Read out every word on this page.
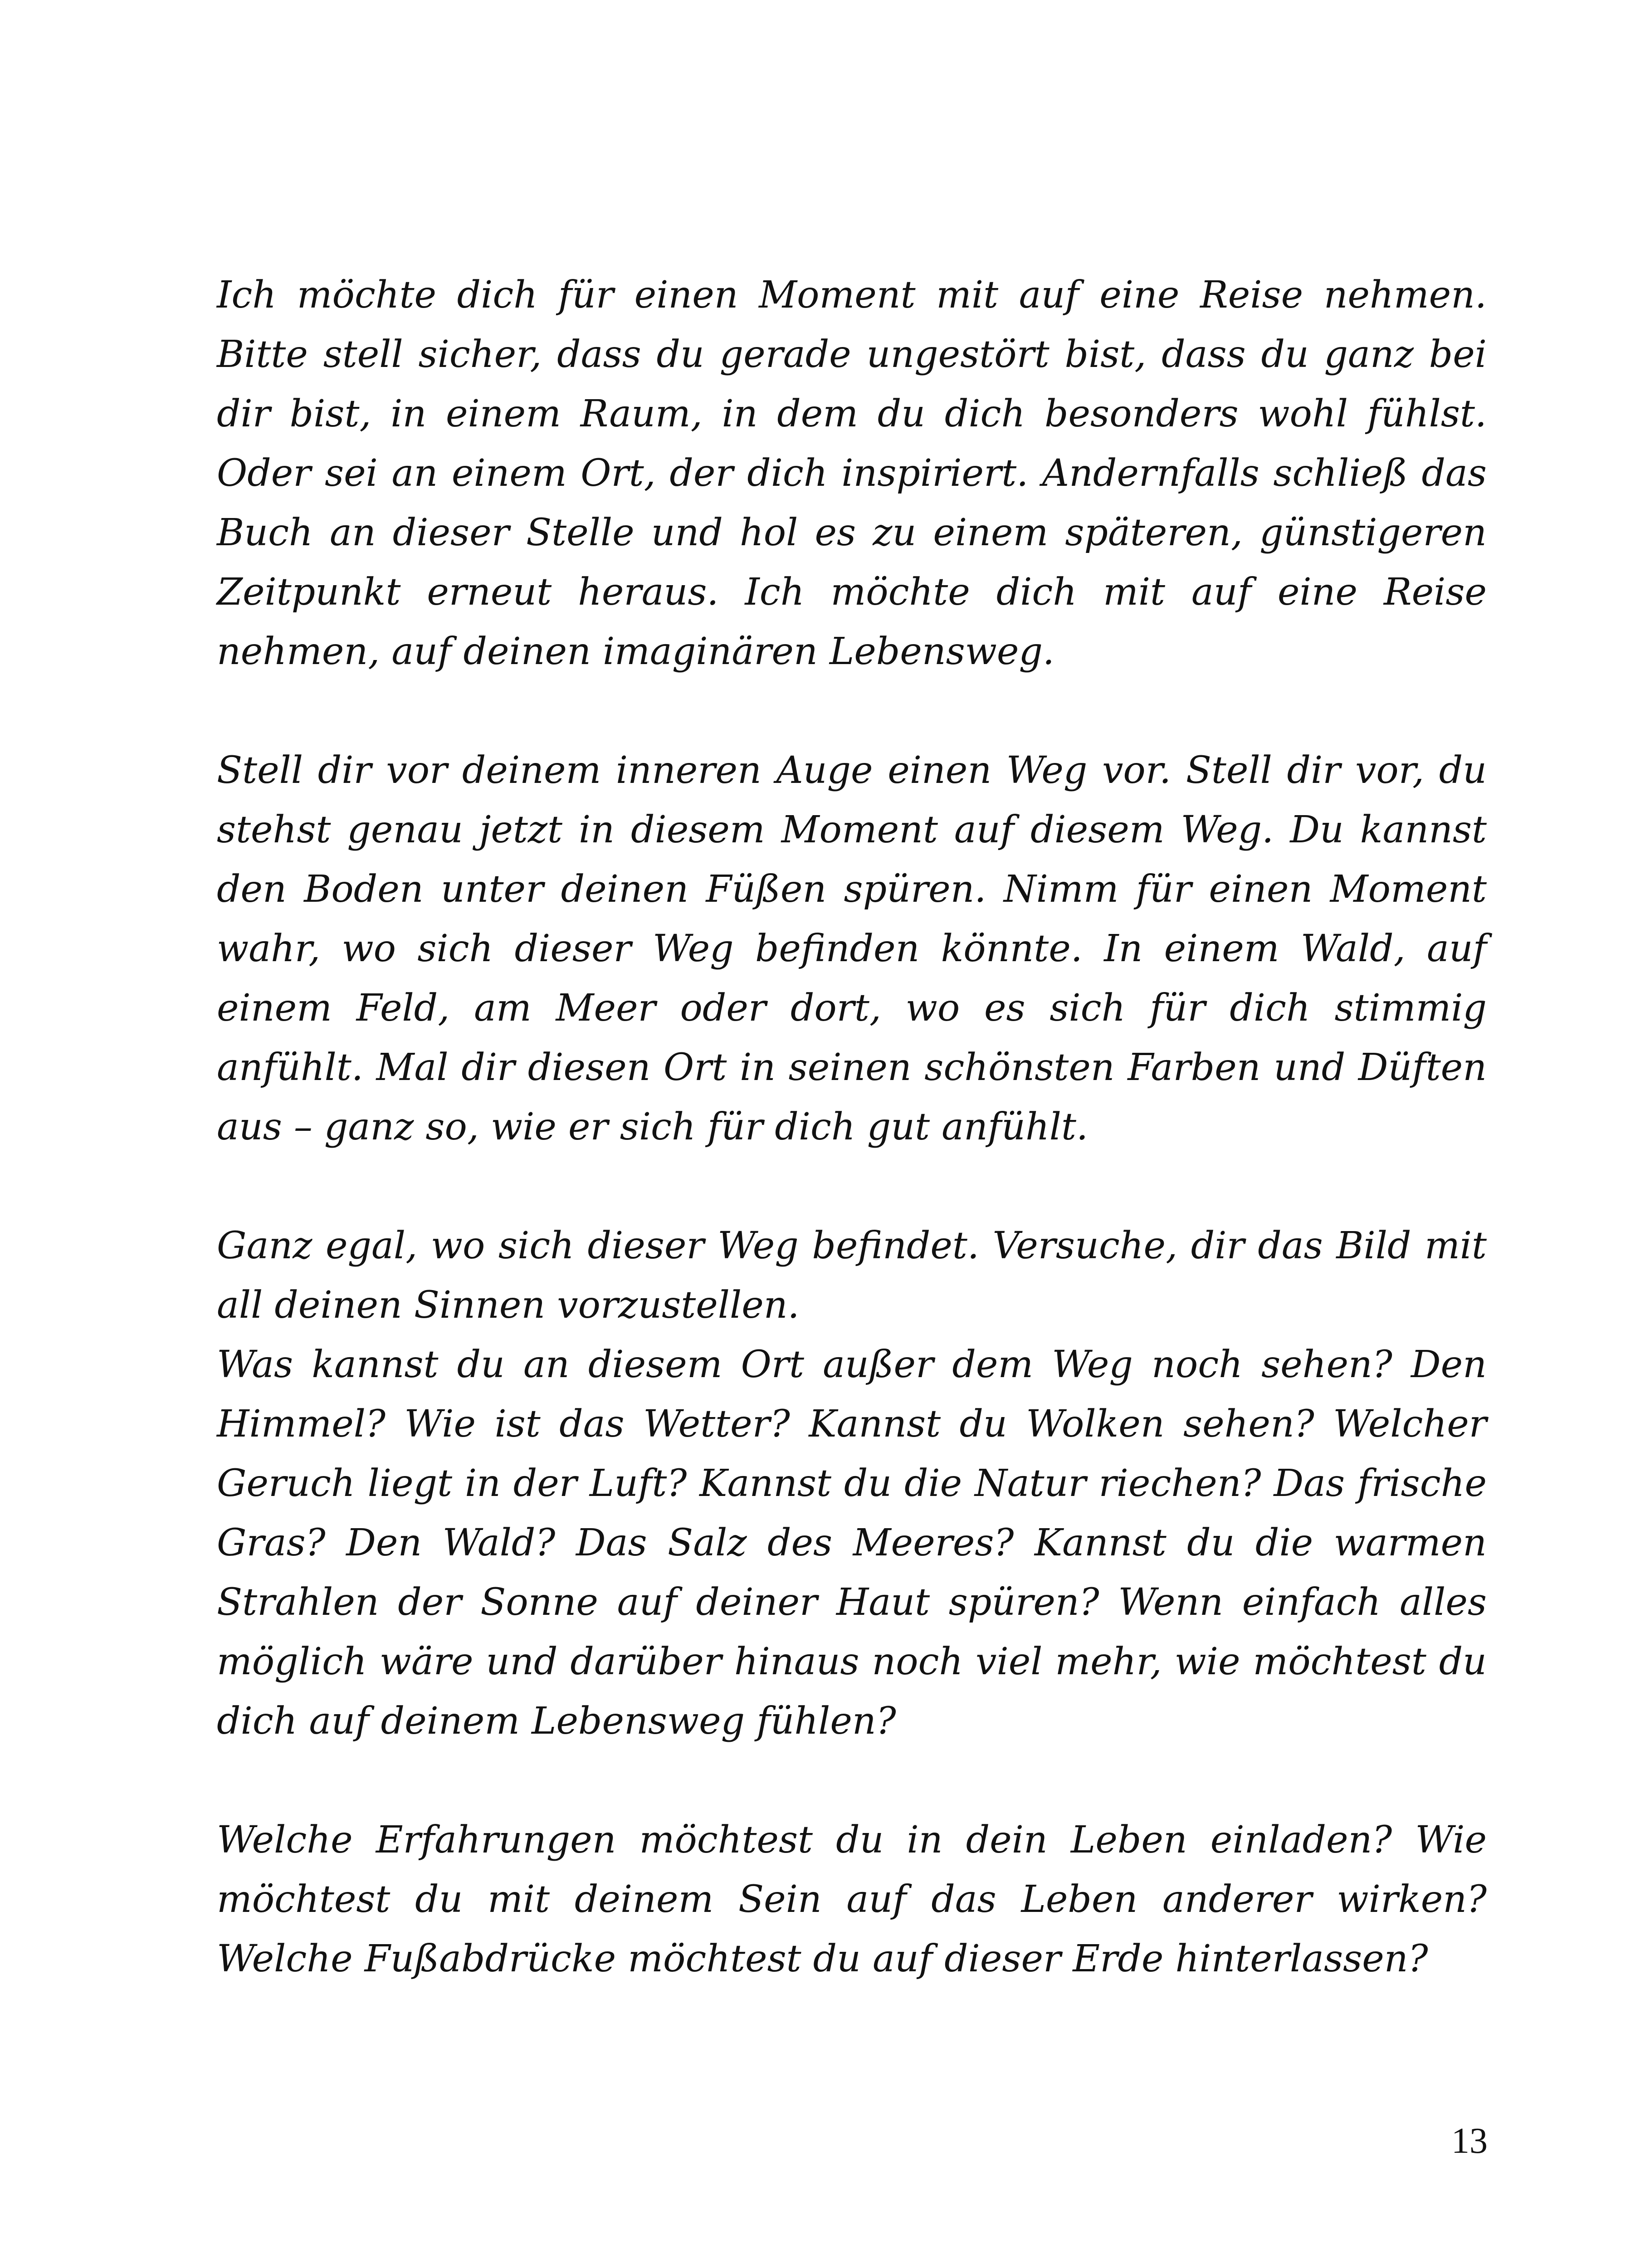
Ich möchte dich für einen Moment mit auf eine Reise nehmen. Bitte stell sicher, dass du gerade ungestört bist, dass du ganz bei dir bist, in einem Raum, in dem du dich besonders wohl fühlst. Oder sei an einem Ort, der dich inspiriert. Andernfalls schließ das Buch an dieser Stelle und hol es zu einem späteren, günstigeren Zeitpunkt erneut heraus. Ich möchte dich mit auf eine Reise nehmen, auf deinen imaginären Lebensweg.

Stell dir vor deinem inneren Auge einen Weg vor. Stell dir vor, du stehst genau jetzt in diesem Moment auf diesem Weg. Du kannst den Boden unter deinen Füßen spüren. Nimm für einen Moment wahr, wo sich dieser Weg befinden könnte. In einem Wald, auf einem Feld, am Meer oder dort, wo es sich für dich stimmig anfühlt. Mal dir diesen Ort in seinen schönsten Farben und Düften aus – ganz so, wie er sich für dich gut anfühlt.

Ganz egal, wo sich dieser Weg befindet. Versuche, dir das Bild mit all deinen Sinnen vorzustellen.

Was kannst du an diesem Ort außer dem Weg noch sehen? Den Himmel? Wie ist das Wetter? Kannst du Wolken sehen? Welcher Geruch liegt in der Luft? Kannst du die Natur riechen? Das frische Gras? Den Wald? Das Salz des Meeres? Kannst du die warmen Strahlen der Sonne auf deiner Haut spüren? Wenn einfach alles möglich wäre und darüber hinaus noch viel mehr, wie möchtest du dich auf deinem Lebensweg fühlen?

Welche Erfahrungen möchtest du in dein Leben einladen? Wie möchtest du mit deinem Sein auf das Leben anderer wirken? Welche Fußabdrücke möchtest du auf dieser Erde hinterlassen?

13
